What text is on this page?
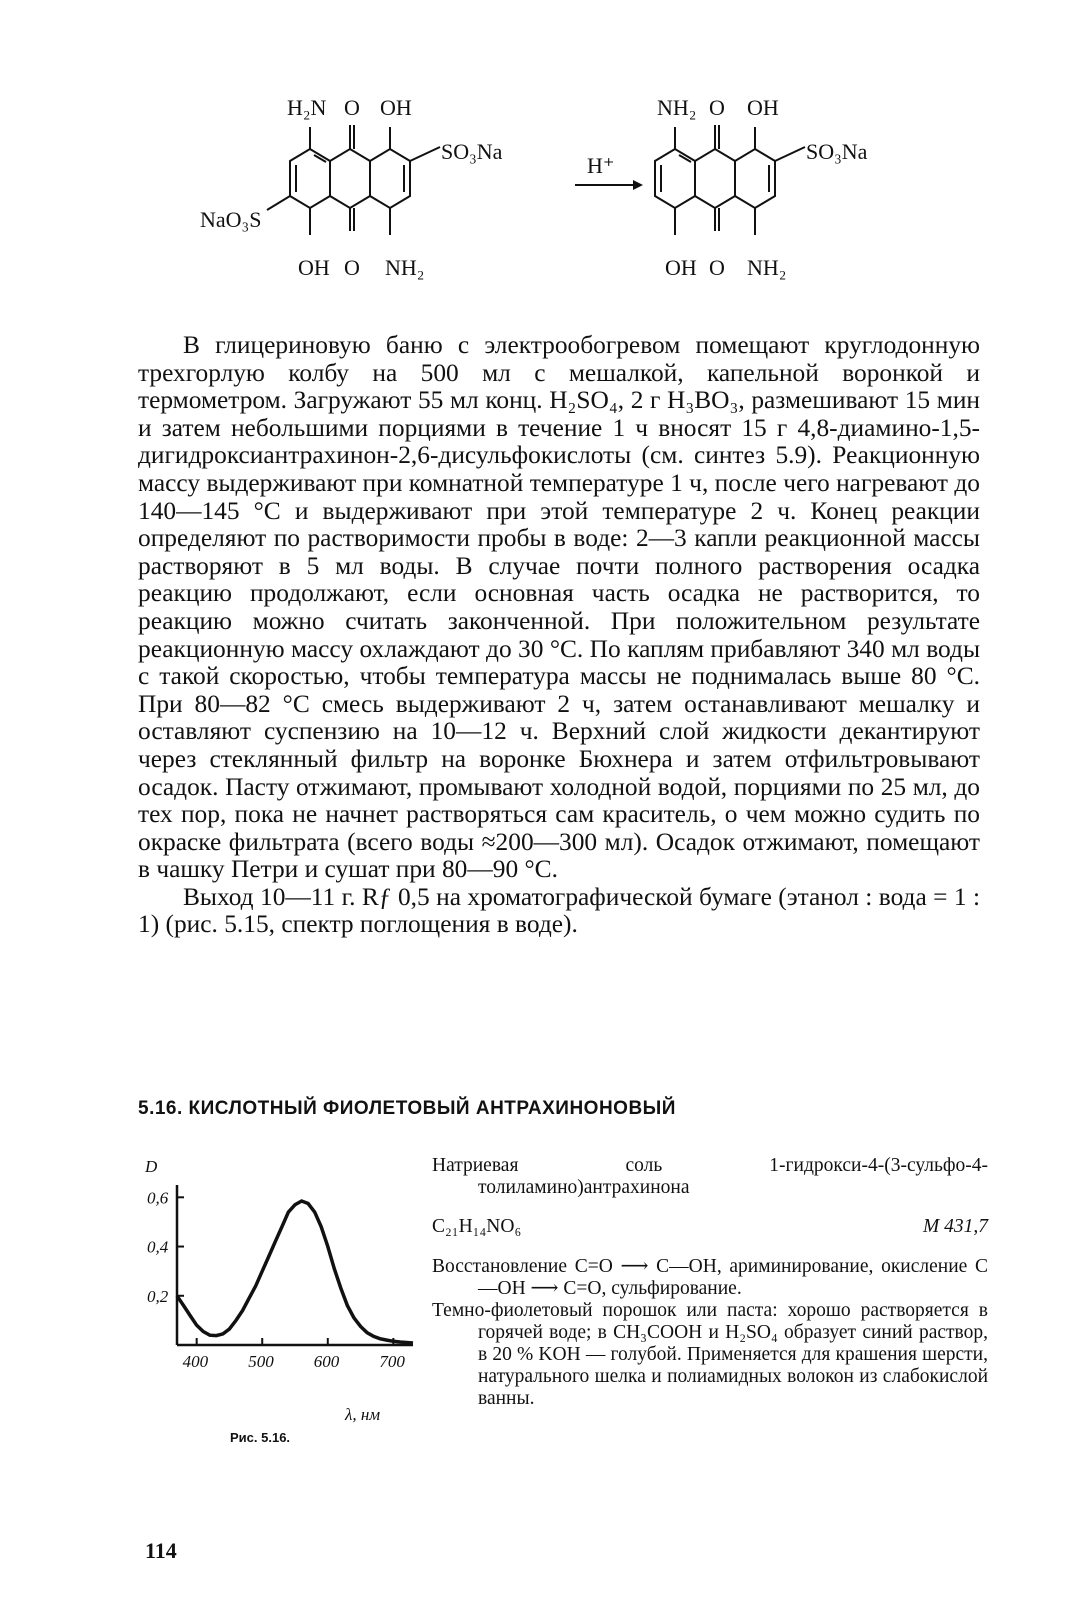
H₂N O OH
SO₃Na
NaO₃S
OH O NH₂
H⁺
NH₂ O OH
SO₃Na
OH O NH₂

В глицериновую баню с электрообогревом помещают круглодонную трехгорлую колбу на 500 мл с мешалкой, капельной воронкой и термометром. Загружают 55 мл конц. H₂SO₄, 2 г H₃BO₃, размешивают 15 мин и затем небольшими порциями в течение 1 ч вносят 15 г 4,8-диамино-1,5-дигидроксиантрахинон-2,6-дисульфокислоты (см. синтез 5.9). Реакционную массу выдерживают при комнатной температуре 1 ч, после чего нагревают до 140—145 °С и выдерживают при этой температуре 2 ч. Конец реакции определяют по растворимости пробы в воде: 2—3 капли реакционной массы растворяют в 5 мл воды. В случае почти полного растворения осадка реакцию продолжают, если основная часть осадка не растворится, то реакцию можно считать законченной. При положительном результате реакционную массу охлаждают до 30 °С. По каплям прибавляют 340 мл воды с такой скоростью, чтобы температура массы не поднималась выше 80 °С. При 80—82 °С смесь выдерживают 2 ч, затем останавливают мешалку и оставляют суспензию на 10—12 ч. Верхний слой жидкости декантируют через стеклянный фильтр на воронке Бюхнера и затем отфильтровывают осадок. Пасту отжимают, промывают холодной водой, порциями по 25 мл, до тех пор, пока не начнет растворяться сам краситель, о чем можно судить по окраске фильтрата (всего воды ≈200—300 мл). Осадок отжимают, помещают в чашку Петри и сушат при 80—90 °С.

Выход 10—11 г. Rƒ 0,5 на хроматографической бумаге (этанол : вода = 1 : 1) (рис. 5.15, спектр поглощения в воде).

5.16. КИСЛОТНЫЙ ФИОЛЕТОВЫЙ АНТРАХИНОНОВЫЙ
D
λ, нм
400 500 600 700
0,2
0,4
0,6
Рис. 5.16.

Натриевая соль 1-гидрокси-4-(3-сульфо-4-толиламино)антрахинона

C₂₁H₁₄NO₆	M 431,7

Восстановление C=O ⟶ C—OH, ариминирование, окисление C—OH ⟶ C=O, сульфирование.

Темно-фиолетовый порошок или паста: хорошо растворяется в горячей воде; в CH₃COOH и H₂SO₄ образует синий раствор, в 20 % KOH — голубой. Применяется для крашения шерсти, натурального шелка и полиамидных волокон из слабокислой ванны.

114
